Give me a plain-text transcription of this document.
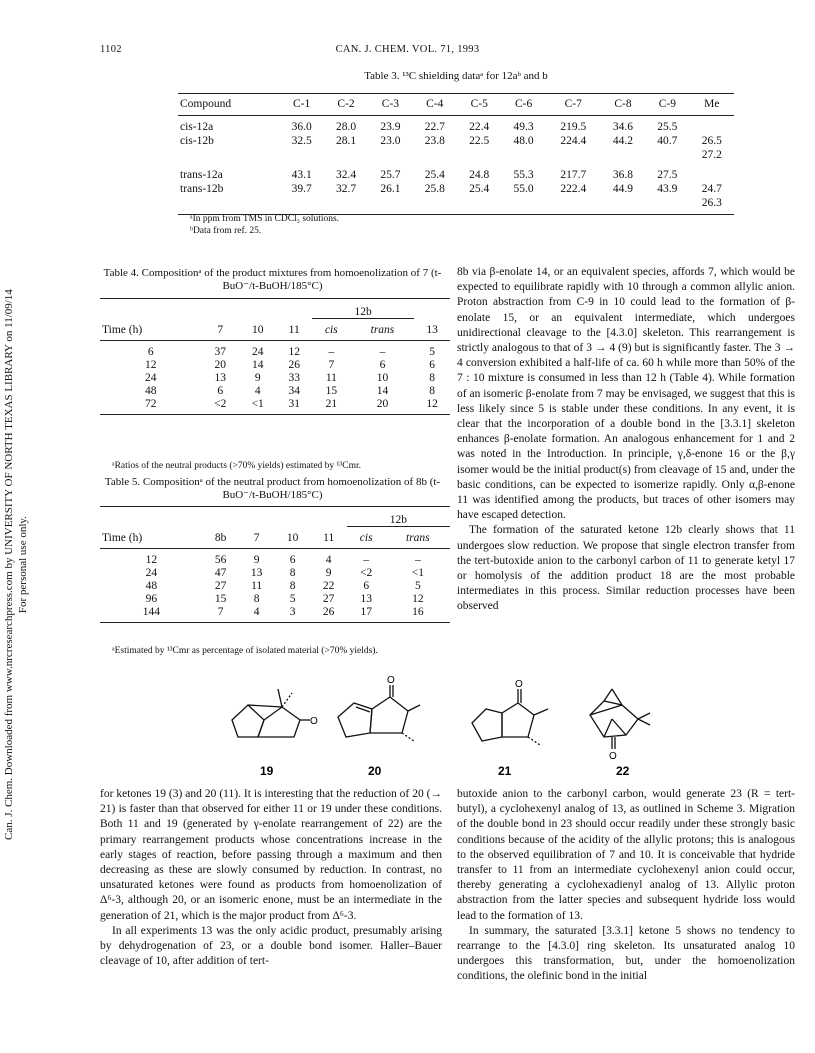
1102	CAN. J. CHEM. VOL. 71, 1993
Can. J. Chem. Downloaded from www.nrcresearchpress.com by UNIVERSITY OF NORTH TEXAS LIBRARY on 11/09/14 For personal use only.
Table 3. ¹³C shielding dataᵃ for 12aᵇ and b

Compound	C-1	C-2	C-3	C-4	C-5	C-6	C-7	C-8	C-9	Me

cis-12a	36.0	28.0	23.9	22.7	22.4	49.3	219.5	34.6	25.5	
cis-12b	32.5	28.1	23.0	23.8	22.5	48.0	224.4	44.2	40.7	26.5
										27.2

trans-12a	43.1	32.4	25.7	25.4	24.8	55.3	217.7	36.8	27.5	
trans-12b	39.7	32.7	26.1	25.8	25.4	55.0	222.4	44.9	43.9	24.7
										26.3

ᵃIn ppm from TMS in CDCl₃ solutions.
ᵇData from ref. 25.
Table 4. Compositionᵃ of the product mixtures from homoenolization of 7 (t-BuO⁻/t-BuOH/185°C)

				12b		

Time (h)	7	10	11	cis	trans	13

6	37	24	12	–	–	5
12	20	14	26	7	6	6
24	13	9	33	11	10	8
48	6	4	34	15	14	8
72	<2	<1	31	21	20	12

ᵃRatios of the neutral products (>70% yields) estimated by ¹³Cmr.
Table 5. Compositionᵃ of the neutral product from homoenolization of 8b (t-BuO⁻/t-BuOH/185°C)

					12b	

Time (h)	8b	7	10	11	cis	trans

12	56	9	6	4	–	–
24	47	13	8	9	<2	<1
48	27	11	8	22	6	5
96	15	8	5	27	13	12
144	7	4	3	26	17	16

ᵃEstimated by ¹³Cmr as percentage of isolated material (>70% yields).

8b via β-enolate 14, or an equivalent species, affords 7, which would be expected to equilibrate rapidly with 10 through a common allylic anion. Proton abstraction from C-9 in 10 could lead to the formation of β-enolate 15, or an equivalent intermediate, which undergoes unidirectional cleavage to the [4.3.0] skeleton. This rearrangement is strictly analogous to that of 3 → 4 (9) but is significantly faster. The 3 → 4 conversion exhibited a half-life of ca. 60 h while more than 50% of the 7 : 10 mixture is consumed in less than 12 h (Table 4). While formation of an isomeric β-enolate from 7 may be envisaged, we suggest that this is less likely since 5 is stable under these conditions. In any event, it is clear that the incorporation of a double bond in the [3.3.1] skeleton enhances β-enolate formation. An analogous enhancement for 1 and 2 was noted in the Introduction. In principle, γ,δ-enone 16 or the β,γ isomer would be the initial product(s) from cleavage of 15 and, under the basic conditions, can be expected to isomerize rapidly. Only α,β-enone 11 was identified among the products, but traces of other isomers may have escaped detection.

The formation of the saturated ketone 12b clearly shows that 11 undergoes slow reduction. We propose that single electron transfer from the tert-butoxide anion to the carbonyl carbon of 11 to generate ketyl 17 or homolysis of the addition product 18 are the most probable intermediates in this process. Similar reduction processes have been observed

O
19
O
20
O
21
O
22

for ketones 19 (3) and 20 (11). It is interesting that the reduction of 20 (→ 21) is faster than that observed for either 11 or 19 under these conditions. Both 11 and 19 (generated by γ-enolate rearrangement of 22) are the primary rearrangement products whose concentrations increase in the early stages of reaction, before passing through a maximum and then decreasing as these are slowly consumed by reduction. In contrast, no unsaturated ketones were found as products from homoenolization of Δ⁶-3, although 20, or an isomeric enone, must be an intermediate in the generation of 21, which is the major product from Δ⁶-3.

In all experiments 13 was the only acidic product, presumably arising by dehydrogenation of 23, or a double bond isomer. Haller–Bauer cleavage of 10, after addition of tert-

butoxide anion to the carbonyl carbon, would generate 23 (R = tert-butyl), a cyclohexenyl analog of 13, as outlined in Scheme 3. Migration of the double bond in 23 should occur readily under these strongly basic conditions because of the acidity of the allylic protons; this is analogous to the observed equilibration of 7 and 10. It is conceivable that hydride transfer to 11 from an intermediate cyclohexenyl anion could occur, thereby generating a cyclohexadienyl analog of 13. Allylic proton abstraction from the latter species and subsequent hydride loss would lead to the formation of 13.

In summary, the saturated [3.3.1] ketone 5 shows no tendency to rearrange to the [4.3.0] ring skeleton. Its unsaturated analog 10 undergoes this transformation, but, under the homoenolization conditions, the olefinic bond in the initial
